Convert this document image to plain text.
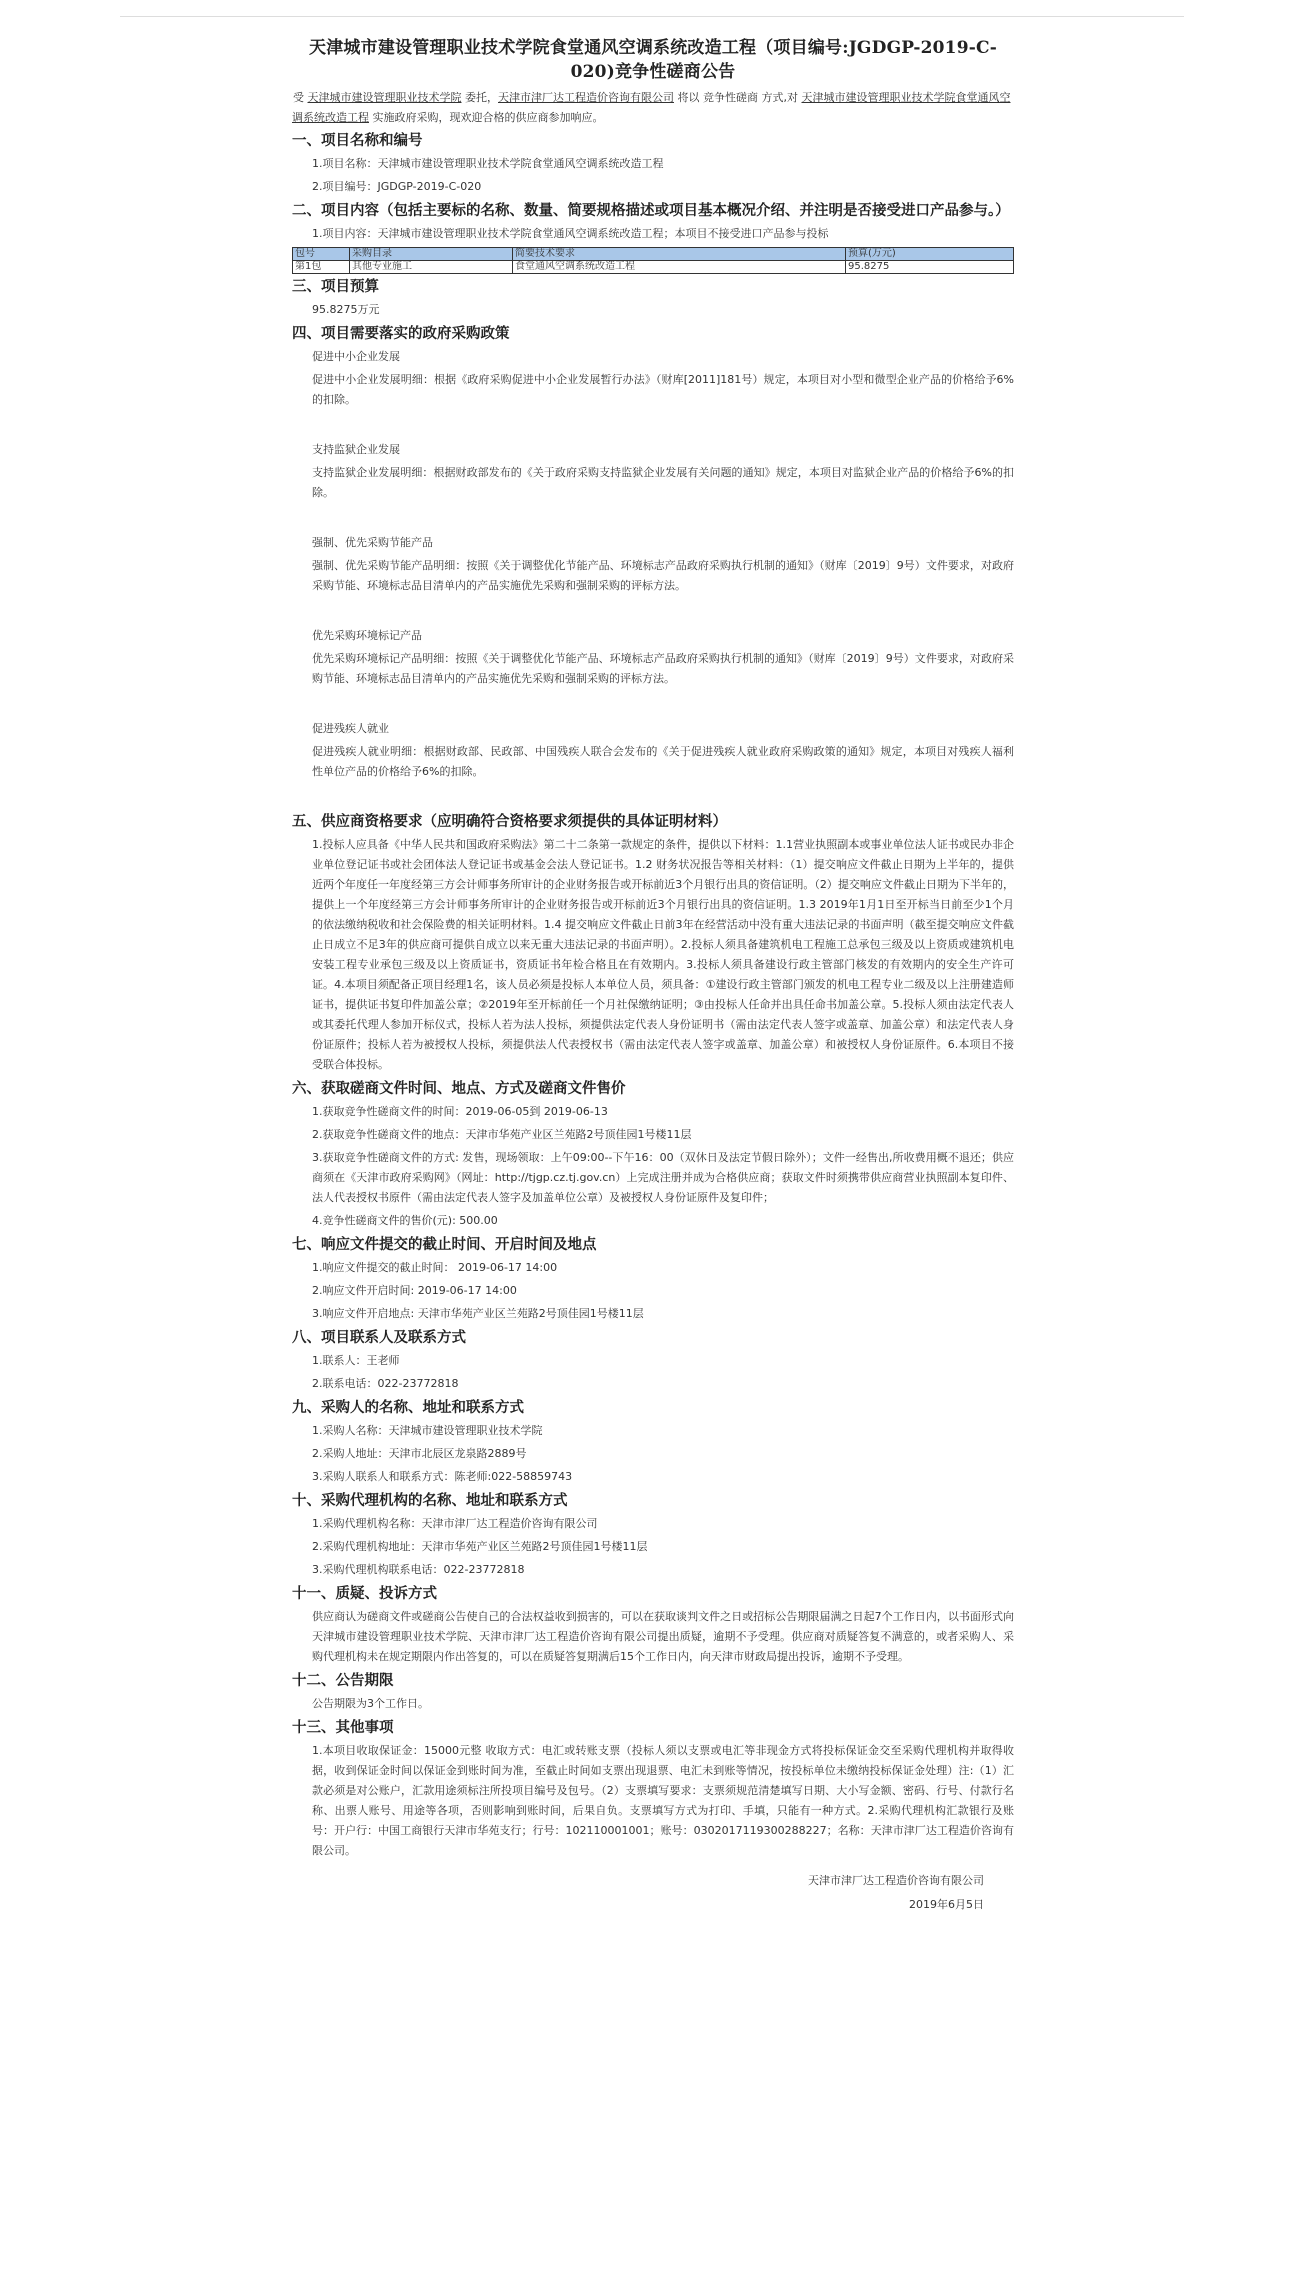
天津城市建设管理职业技术学院食堂通风空调系统改造工程（项目编号:JGDGP-2019-C-020)竞争性磋商公告

受 天津城市建设管理职业技术学院 委托，天津市津厂达工程造价咨询有限公司 将以 竞争性磋商 方式,对 天津城市建设管理职业技术学院食堂通风空调系统改造工程 实施政府采购，现欢迎合格的供应商参加响应。

一、项目名称和编号
1.项目名称：天津城市建设管理职业技术学院食堂通风空调系统改造工程
2.项目编号：JGDGP-2019-C-020
二、项目内容（包括主要标的名称、数量、简要规格描述或项目基本概况介绍、并注明是否接受进口产品参与。）
1.项目内容：天津城市建设管理职业技术学院食堂通风空调系统改造工程；本项目不接受进口产品参与投标
包号	采购目录	简要技术要求	预算(万元)
第1包	其他专业施工	食堂通风空调系统改造工程	95.8275
三、项目预算
95.8275万元
四、项目需要落实的政府采购政策
促进中小企业发展
促进中小企业发展明细：根据《政府采购促进中小企业发展暂行办法》（财库[2011]181号）规定，本项目对小型和微型企业产品的价格给予6%的扣除。
支持监狱企业发展
支持监狱企业发展明细：根据财政部发布的《关于政府采购支持监狱企业发展有关问题的通知》规定，本项目对监狱企业产品的价格给予6%的扣除。
强制、优先采购节能产品
强制、优先采购节能产品明细：按照《关于调整优化节能产品、环境标志产品政府采购执行机制的通知》（财库〔2019〕9号）文件要求，对政府采购节能、环境标志品目清单内的产品实施优先采购和强制采购的评标方法。
优先采购环境标记产品
优先采购环境标记产品明细：按照《关于调整优化节能产品、环境标志产品政府采购执行机制的通知》（财库〔2019〕9号）文件要求，对政府采购节能、环境标志品目清单内的产品实施优先采购和强制采购的评标方法。
促进残疾人就业
促进残疾人就业明细：根据财政部、民政部、中国残疾人联合会发布的《关于促进残疾人就业政府采购政策的通知》规定，本项目对残疾人福利性单位产品的价格给予6%的扣除。
五、供应商资格要求（应明确符合资格要求须提供的具体证明材料）
1.投标人应具备《中华人民共和国政府采购法》第二十二条第一款规定的条件，提供以下材料：1.1营业执照副本或事业单位法人证书或民办非企业单位登记证书或社会团体法人登记证书或基金会法人登记证书。1.2 财务状况报告等相关材料：（1）提交响应文件截止日期为上半年的，提供近两个年度任一年度经第三方会计师事务所审计的企业财务报告或开标前近3个月银行出具的资信证明。（2）提交响应文件截止日期为下半年的，提供上一个年度经第三方会计师事务所审计的企业财务报告或开标前近3个月银行出具的资信证明。1.3 2019年1月1日至开标当日前至少1个月的依法缴纳税收和社会保险费的相关证明材料。1.4 提交响应文件截止日前3年在经营活动中没有重大违法记录的书面声明（截至提交响应文件截止日成立不足3年的供应商可提供自成立以来无重大违法记录的书面声明）。2.投标人须具备建筑机电工程施工总承包三级及以上资质或建筑机电安装工程专业承包三级及以上资质证书，资质证书年检合格且在有效期内。3.投标人须具备建设行政主管部门核发的有效期内的安全生产许可证。4.本项目须配备正项目经理1名，该人员必须是投标人本单位人员，须具备：①建设行政主管部门颁发的机电工程专业二级及以上注册建造师证书，提供证书复印件加盖公章；②2019年至开标前任一个月社保缴纳证明；③由投标人任命并出具任命书加盖公章。5.投标人须由法定代表人或其委托代理人参加开标仪式，投标人若为法人投标，须提供法定代表人身份证明书（需由法定代表人签字或盖章、加盖公章）和法定代表人身份证原件；投标人若为被授权人投标，须提供法人代表授权书（需由法定代表人签字或盖章、加盖公章）和被授权人身份证原件。6.本项目不接受联合体投标。
六、获取磋商文件时间、地点、方式及磋商文件售价
1.获取竞争性磋商文件的时间：2019-06-05到 2019-06-13
2.获取竞争性磋商文件的地点：天津市华苑产业区兰苑路2号顶佳园1号楼11层
3.获取竞争性磋商文件的方式: 发售，现场领取：上午09:00--下午16：00（双休日及法定节假日除外）；文件一经售出,所收费用概不退还；供应商须在《天津市政府采购网》（网址：http://tjgp.cz.tj.gov.cn）上完成注册并成为合格供应商；获取文件时须携带供应商营业执照副本复印件、法人代表授权书原件（需由法定代表人签字及加盖单位公章）及被授权人身份证原件及复印件；
4.竞争性磋商文件的售价(元): 500.00
七、响应文件提交的截止时间、开启时间及地点
1.响应文件提交的截止时间： 2019-06-17 14:00
2.响应文件开启时间: 2019-06-17 14:00
3.响应文件开启地点: 天津市华苑产业区兰苑路2号顶佳园1号楼11层
八、项目联系人及联系方式
1.联系人：王老师
2.联系电话：022-23772818
九、采购人的名称、地址和联系方式
1.采购人名称：天津城市建设管理职业技术学院
2.采购人地址：天津市北辰区龙泉路2889号
3.采购人联系人和联系方式：陈老师:022-58859743
十、采购代理机构的名称、地址和联系方式
1.采购代理机构名称：天津市津厂达工程造价咨询有限公司
2.采购代理机构地址：天津市华苑产业区兰苑路2号顶佳园1号楼11层
3.采购代理机构联系电话：022-23772818
十一、质疑、投诉方式
供应商认为磋商文件或磋商公告使自己的合法权益收到损害的，可以在获取谈判文件之日或招标公告期限届满之日起7个工作日内，以书面形式向 天津城市建设管理职业技术学院、天津市津厂达工程造价咨询有限公司提出质疑，逾期不予受理。供应商对质疑答复不满意的，或者采购人、采购代理机构未在规定期限内作出答复的，可以在质疑答复期满后15个工作日内，向天津市财政局提出投诉，逾期不予受理。
十二、公告期限
公告期限为3个工作日。
十三、其他事项
1.本项目收取保证金：15000元整 收取方式：电汇或转账支票（投标人须以支票或电汇等非现金方式将投标保证金交至采购代理机构并取得收据，收到保证金时间以保证金到账时间为准，至截止时间如支票出现退票、电汇未到账等情况，按投标单位未缴纳投标保证金处理）注:（1）汇款必须是对公账户，汇款用途须标注所投项目编号及包号。（2）支票填写要求：支票须规范清楚填写日期、大小写金额、密码、行号、付款行名称、出票人账号、用途等各项，否则影响到账时间，后果自负。支票填写方式为打印、手填，只能有一种方式。2.采购代理机构汇款银行及账号：开户行：中国工商银行天津市华苑支行；行号：102110001001；账号：0302017119300288227；名称：天津市津厂达工程造价咨询有限公司。
天津市津厂达工程造价咨询有限公司
2019年6月5日
